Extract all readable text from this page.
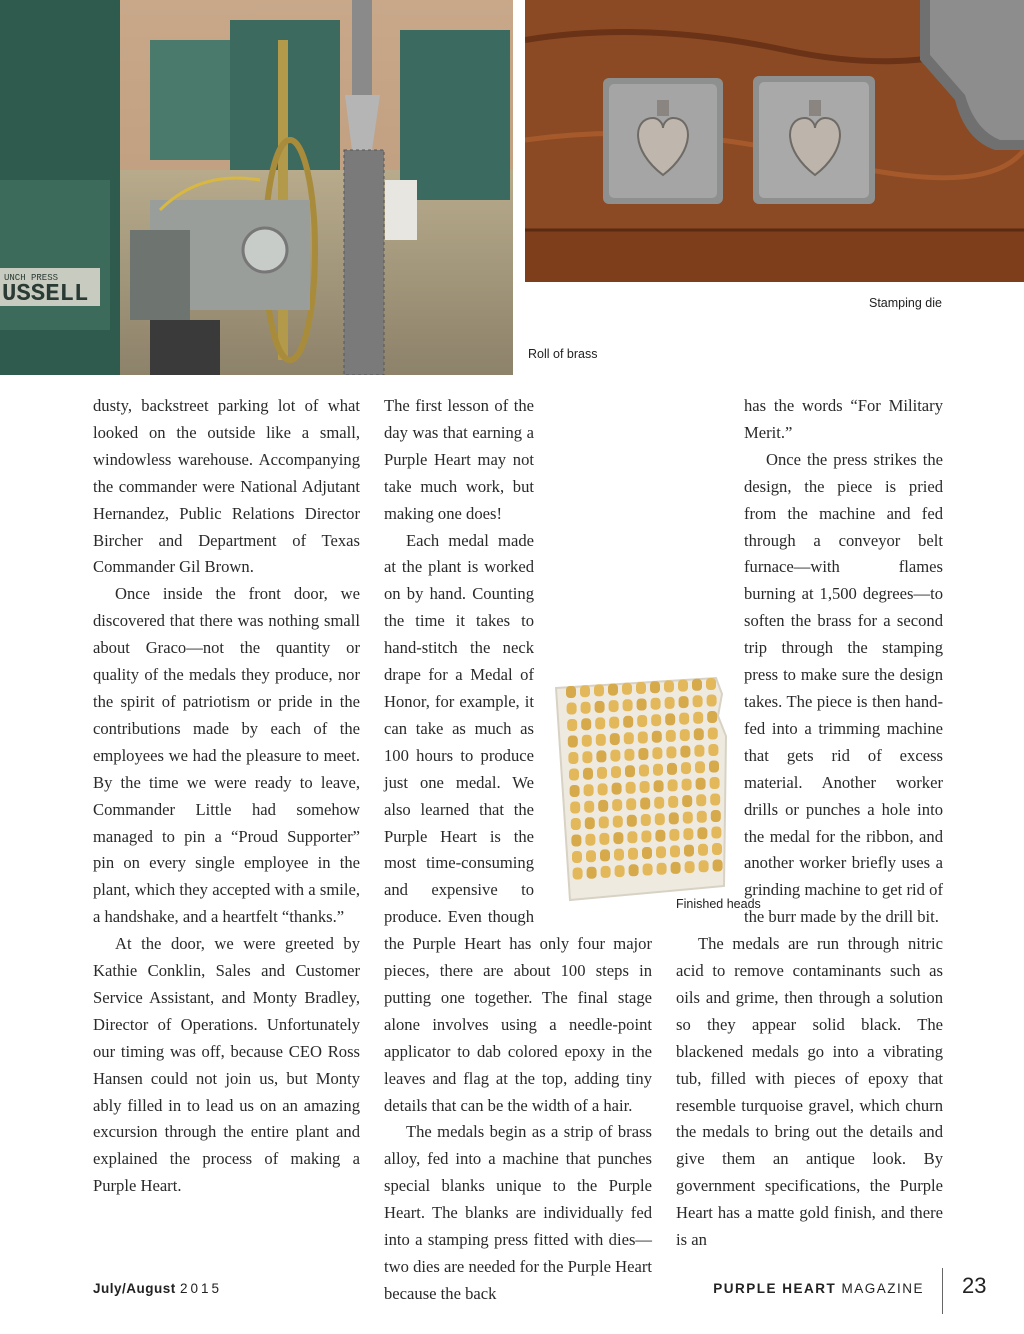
USSELL
UNCH PRESS
Stamping die
Roll of brass

dusty, backstreet parking lot of what looked on the outside like a small, windowless warehouse. Accompanying the commander were National Adjutant Hernandez, Public Relations Director Bircher and Department of Texas Commander Gil Brown.

Once inside the front door, we discovered that there was nothing small about Graco—not the quantity or quality of the medals they produce, nor the spirit of patriotism or pride in the contributions made by each of the employees we had the pleasure to meet. By the time we were ready to leave, Commander Little had somehow managed to pin a “Proud Supporter” pin on every single employee in the plant, which they accepted with a smile, a handshake, and a heartfelt “thanks.”

At the door, we were greeted by Kathie Conklin, Sales and Customer Service Assistant, and Monty Bradley, Director of Operations. Unfortunately our timing was off, because CEO Ross Hansen could not join us, but Monty ably filled in to lead us on an amazing excursion through the entire plant and explained the process of making a Purple Heart.

The first lesson of the day was that earning a Purple Heart may not take much work, but making one does!

Each medal made at the plant is worked on by hand. Counting the time it takes to hand-stitch the neck drape for a Medal of Honor, for example, it can take as much as 100 hours to produce just one medal. We also learned that the Purple Heart is the most time-consuming and expensive to produce. Even though the Purple Heart has only four major pieces, there are about 100 steps in putting one together. The final stage alone involves using a needle-point applicator to dab colored epoxy in the leaves and flag at the top, adding tiny details that can be the width of a hair.

The medals begin as a strip of brass alloy, fed into a machine that punches special blanks unique to the Purple Heart. The blanks are individually fed into a stamping press fitted with dies—two dies are needed for the Purple Heart because the back

has the words “For Military Merit.”

Once the press strikes the design, the piece is pried from the machine and fed through a conveyor belt furnace—with flames burning at 1,500 degrees—to soften the brass for a second trip through the stamping press to make sure the design takes. The piece is then hand-fed into a trimming machine that gets rid of excess material. Another worker drills or punches a hole into the medal for the ribbon, and another worker briefly uses a grinding machine to get rid of the burr made by the drill bit.

The medals are run through nitric acid to remove contaminants such as oils and grime, then through a solution so they appear solid black. The blackened medals go into a vibrating tub, filled with pieces of epoxy that resemble turquoise gravel, which churn the medals to bring out the details and give them an antique look. By government specifications, the Purple Heart has a matte gold finish, and there is an

Finished heads
July/August 2015	PURPLE HEART MAGAZINE 23
